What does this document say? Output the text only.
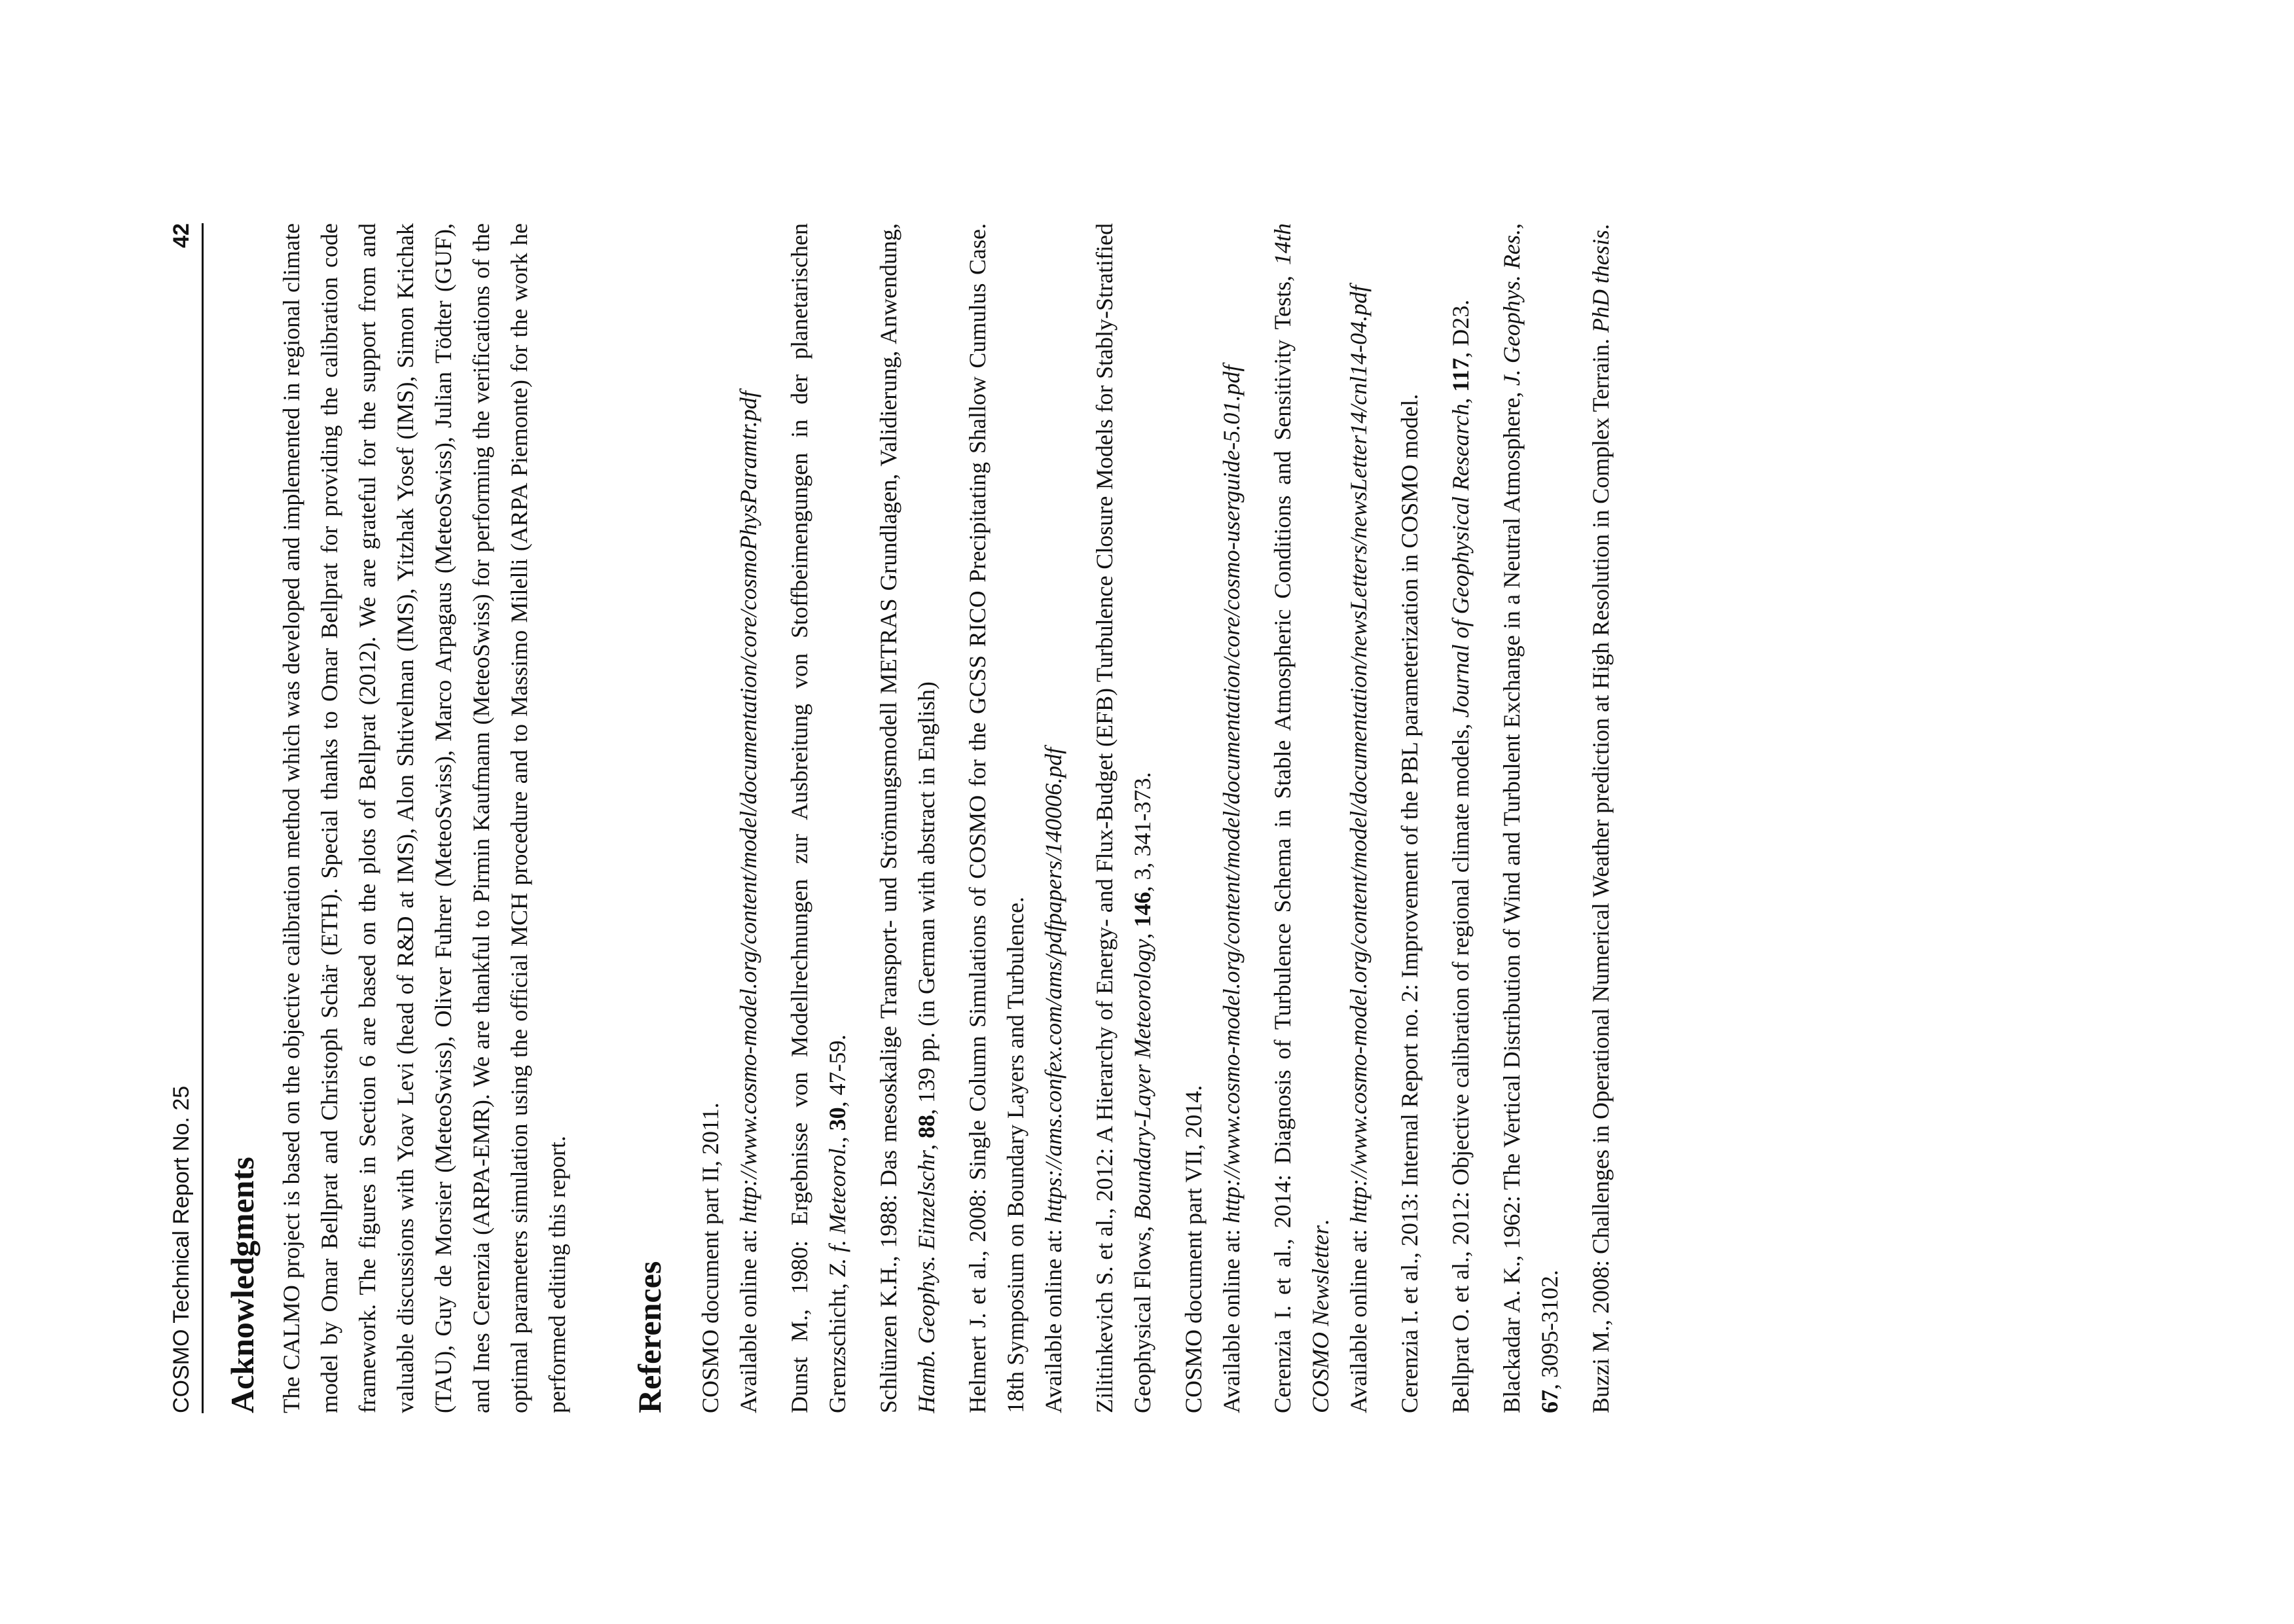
COSMO Technical Report No. 25
42
Acknowledgments The CALMO project is based on the objective calibration method which was developed and implemented in regional climate model by Omar Bellprat and Christoph Schär (ETH). Special thanks to Omar Bellprat for providing the calibration code framework. The figures in Section 6 are based on the plots of Bellprat (2012). We are grateful for the support from and valuable discussions with Yoav Levi (head of R&D at IMS), Alon Shtivelman (IMS), Yitzhak Yosef (IMS), Simon Krichak (TAU), Guy de Morsier (MeteoSwiss), Oliver Fuhrer (MeteoSwiss), Marco Arpagaus (MeteoSwiss), Julian Tödter (GUF), and Ines Cerenzia (ARPA-EMR). We are thankful to Pirmin Kaufmann (MeteoSwiss) for performing the verifications of the optimal parameters simulation using the official MCH procedure and to Massimo Milelli (ARPA Piemonte) for the work he performed editing this report. References	COSMO document part II, 2011. Available online at: http://www.cosmo-model.org/content/model/documentation/core/cosmoPhysParamtr.pdf Dunst M., 1980: Ergebnisse von Modellrechnungen zur Ausbreitung von Stoffbeimengungen in der planetarischen Grenzschicht, Z. f. Meteorol., 30, 47-59. Schlünzen K.H., 1988: Das mesoskalige Transport- und Strömungsmodell METRAS Grundlagen, Validierung, Anwendung, Hamb. Geophys. Einzelschr, 88, 139 pp. (in German with abstract in English) Helmert J. et al., 2008: Single Column Simulations of COSMO for the GCSS RICO Precipitating Shallow Cumulus Case. 18th Symposium on Boundary Layers and Turbulence. Available online at: https://ams.confex.com/ams/pdfpapers/140006.pdf Zilitinkevich S. et al., 2012: A Hierarchy of Energy- and Flux-Budget (EFB) Turbulence Closure Models for Stably-Stratified Geophysical Flows, Boundary-Layer Meteorology, 146, 3, 341-373.
COSMO document part VII, 2014. Available online at: http://www.cosmo-model.org/content/model/documentation/core/cosmo-userguide-5.01.pdf Cerenzia I. et al., 2014: Diagnosis of Turbulence Schema in Stable Atmospheric Conditions and Sensitivity Tests, 14th COSMO Newsletter.
Available online at: http://www.cosmo-model.org/content/model/documentation/newsLetters/newsLetter14/cnl14-04.pdf Cerenzia I. et al., 2013: Internal Report no. 2: Improvement of the PBL parameterization in COSMO model. Bellprat O. et al., 2012: Objective calibration of regional climate models, Journal of Geophysical Research, 117, D23.
Blackadar A. K., 1962: The Vertical Distribution of Wind and Turbulent Exchange in a Neutral Atmosphere, J. Geophys. Res., 67, 3095-3102. Buzzi M., 2008: Challenges in Operational Numerical Weather prediction at High Resolution in Complex Terrain. PhD thesis.
